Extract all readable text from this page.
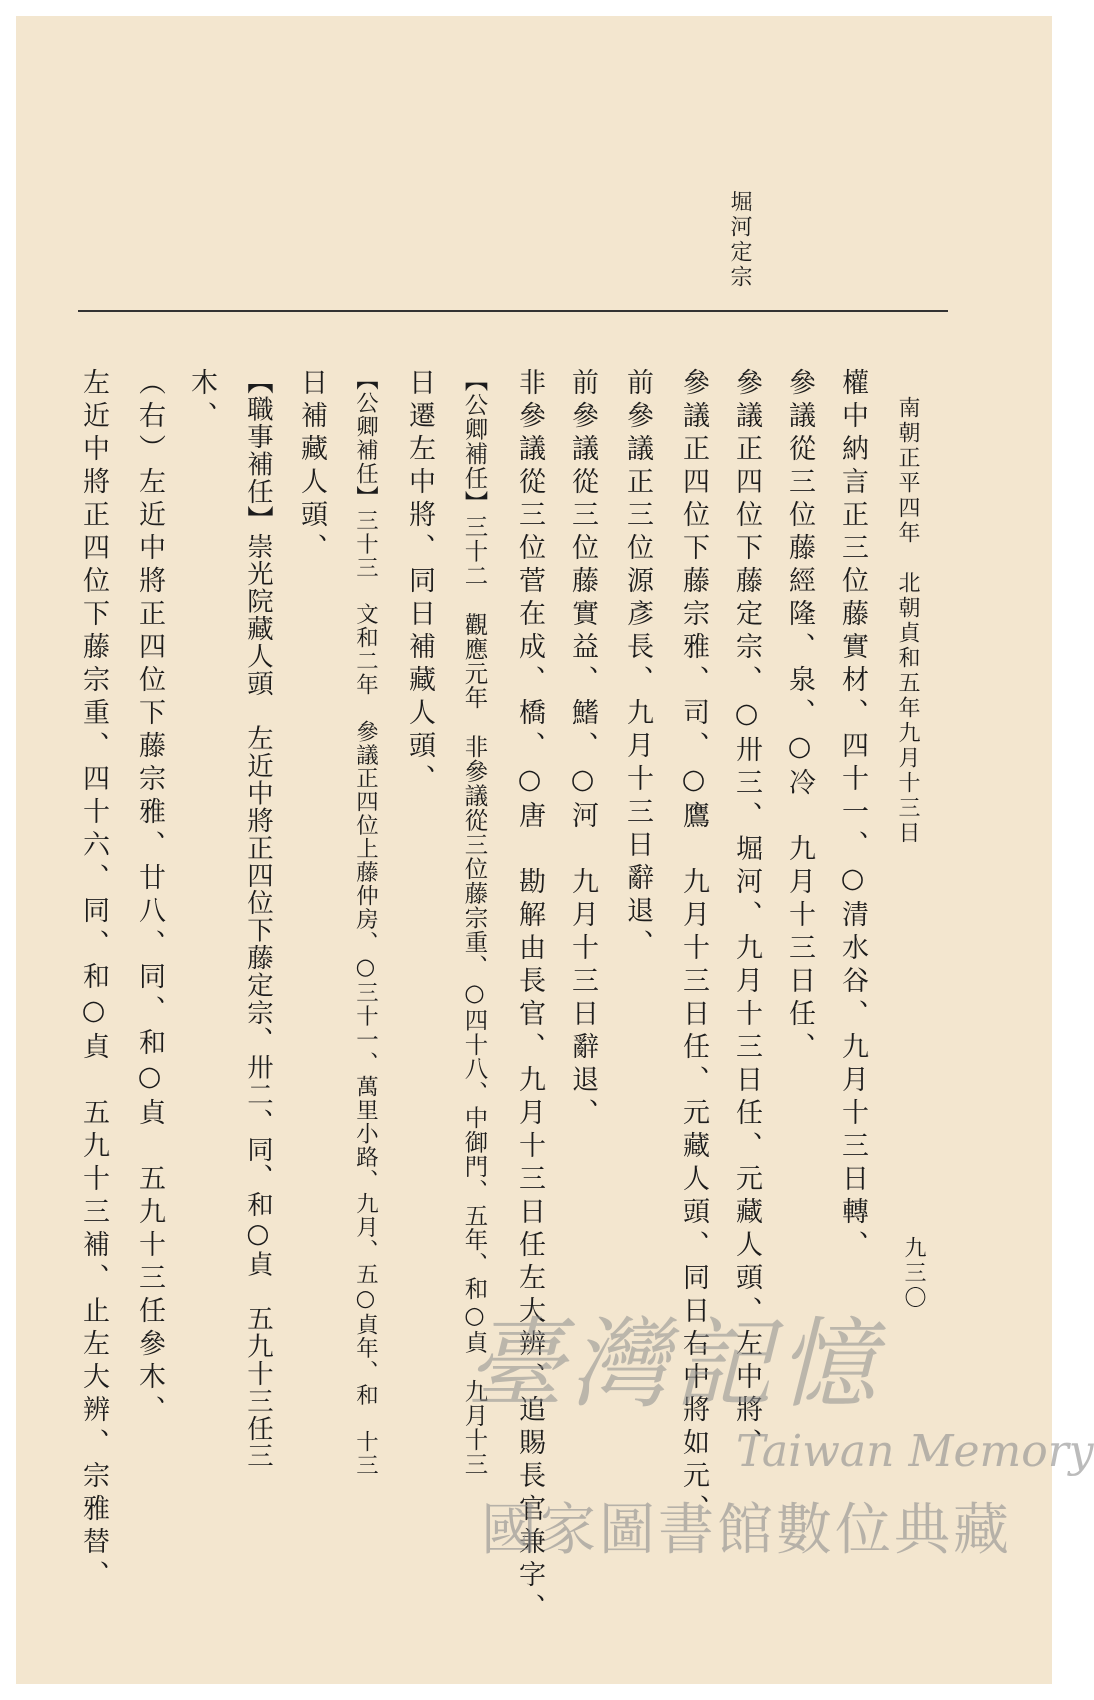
南朝正平四年　北朝貞和五年九月十三日
堀河定宗
九三〇
權中納言正三位藤實材、四十一、○清水谷、九月十三日轉、
參議從三位藤經隆、泉、○冷　九月十三日任、
參議正四位下藤定宗、○卅三、堀河、九月十三日任、元藏人頭、左中將、
參議正四位下藤宗雅、司、○鷹　九月十三日任、元藏人頭、同日右中將如元、
前參議正三位源彥長、九月十三日辭退、
前參議從三位藤實益、鰭、○河　九月十三日辭退、
非參議從三位菅在成、橋、○唐　勘解由長官、九月十三日任左大辨、追賜長官兼字、
【公卿補任】三十二　觀應元年　非參議從三位藤宗重、○四十八、中御門、五年、和○貞　九月十三
日遷左中將、同日補藏人頭、
【公卿補任】三十三　文和二年　參議正四位上藤仲房、○三十一、萬里小路、九月、五○貞年、和　十三
日補藏人頭、
【職事補任】崇光院藏人頭　左近中將正四位下藤定宗、卅二、同、和○貞　五九十三任三
木、
（右）左近中將正四位下藤宗雅、廿八、同、和○貞　五九十三任參木、
左近中將正四位下藤宗重、四十六、同、和○貞　五九十三補、止左大辨、宗雅替、	臺灣記憶
Taiwan Memory
國家圖書館數位典藏
